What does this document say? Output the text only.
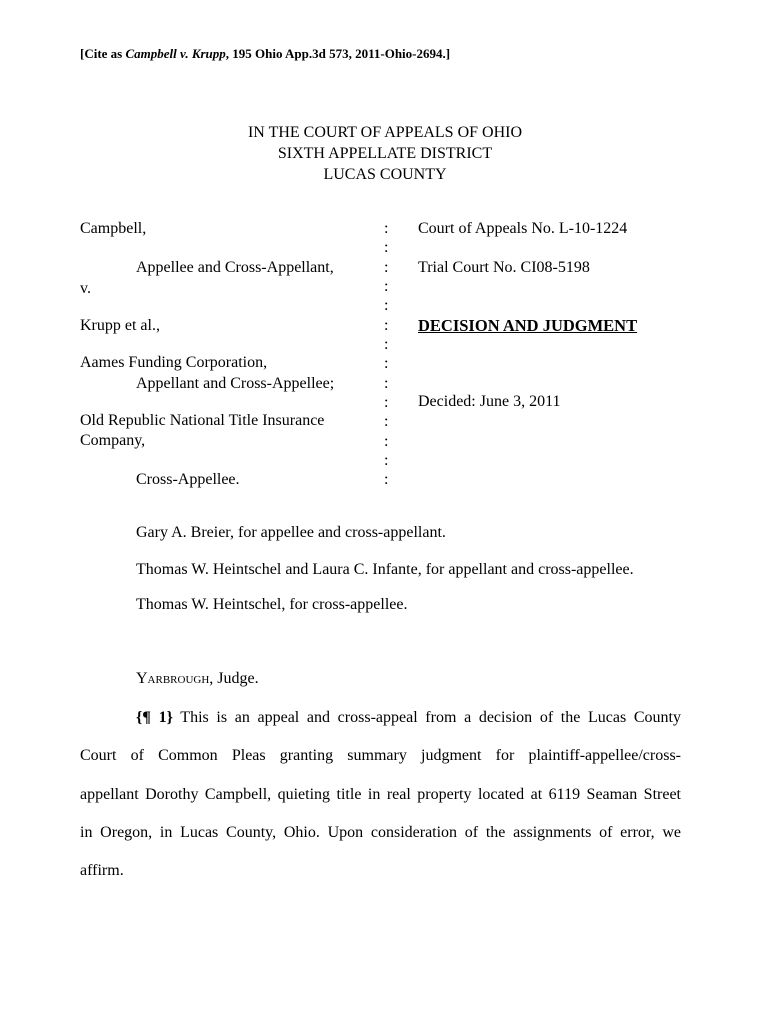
[Cite as Campbell v. Krupp, 195 Ohio App.3d 573, 2011-Ohio-2694.]
IN THE COURT OF APPEALS OF OHIO
SIXTH APPELLATE DISTRICT
LUCAS COUNTY
Campbell,
Appellee and Cross-Appellant,
v.
Krupp et al.,
Aames Funding Corporation,
Appellant and Cross-Appellee;
Old Republic National Title Insurance
Company,
Cross-Appellee.
:
:
:
:
:
:
:
:
:
:
:
:
:
:
Court of Appeals No. L-10-1224
Trial Court No. CI08-5198
DECISION AND JUDGMENT
Decided: June 3, 2011
Gary A. Breier, for appellee and cross-appellant.
Thomas W. Heintschel and Laura C. Infante, for appellant and cross-appellee.
Thomas W. Heintschel, for cross-appellee.
Yarbrough, Judge.
{¶ 1} This is an appeal and cross-appeal from a decision of the Lucas County
Court of Common Pleas granting summary judgment for plaintiff-appellee/cross-
appellant Dorothy Campbell, quieting title in real property located at 6119 Seaman Street
in Oregon, in Lucas County, Ohio. Upon consideration of the assignments of error, we
affirm.
